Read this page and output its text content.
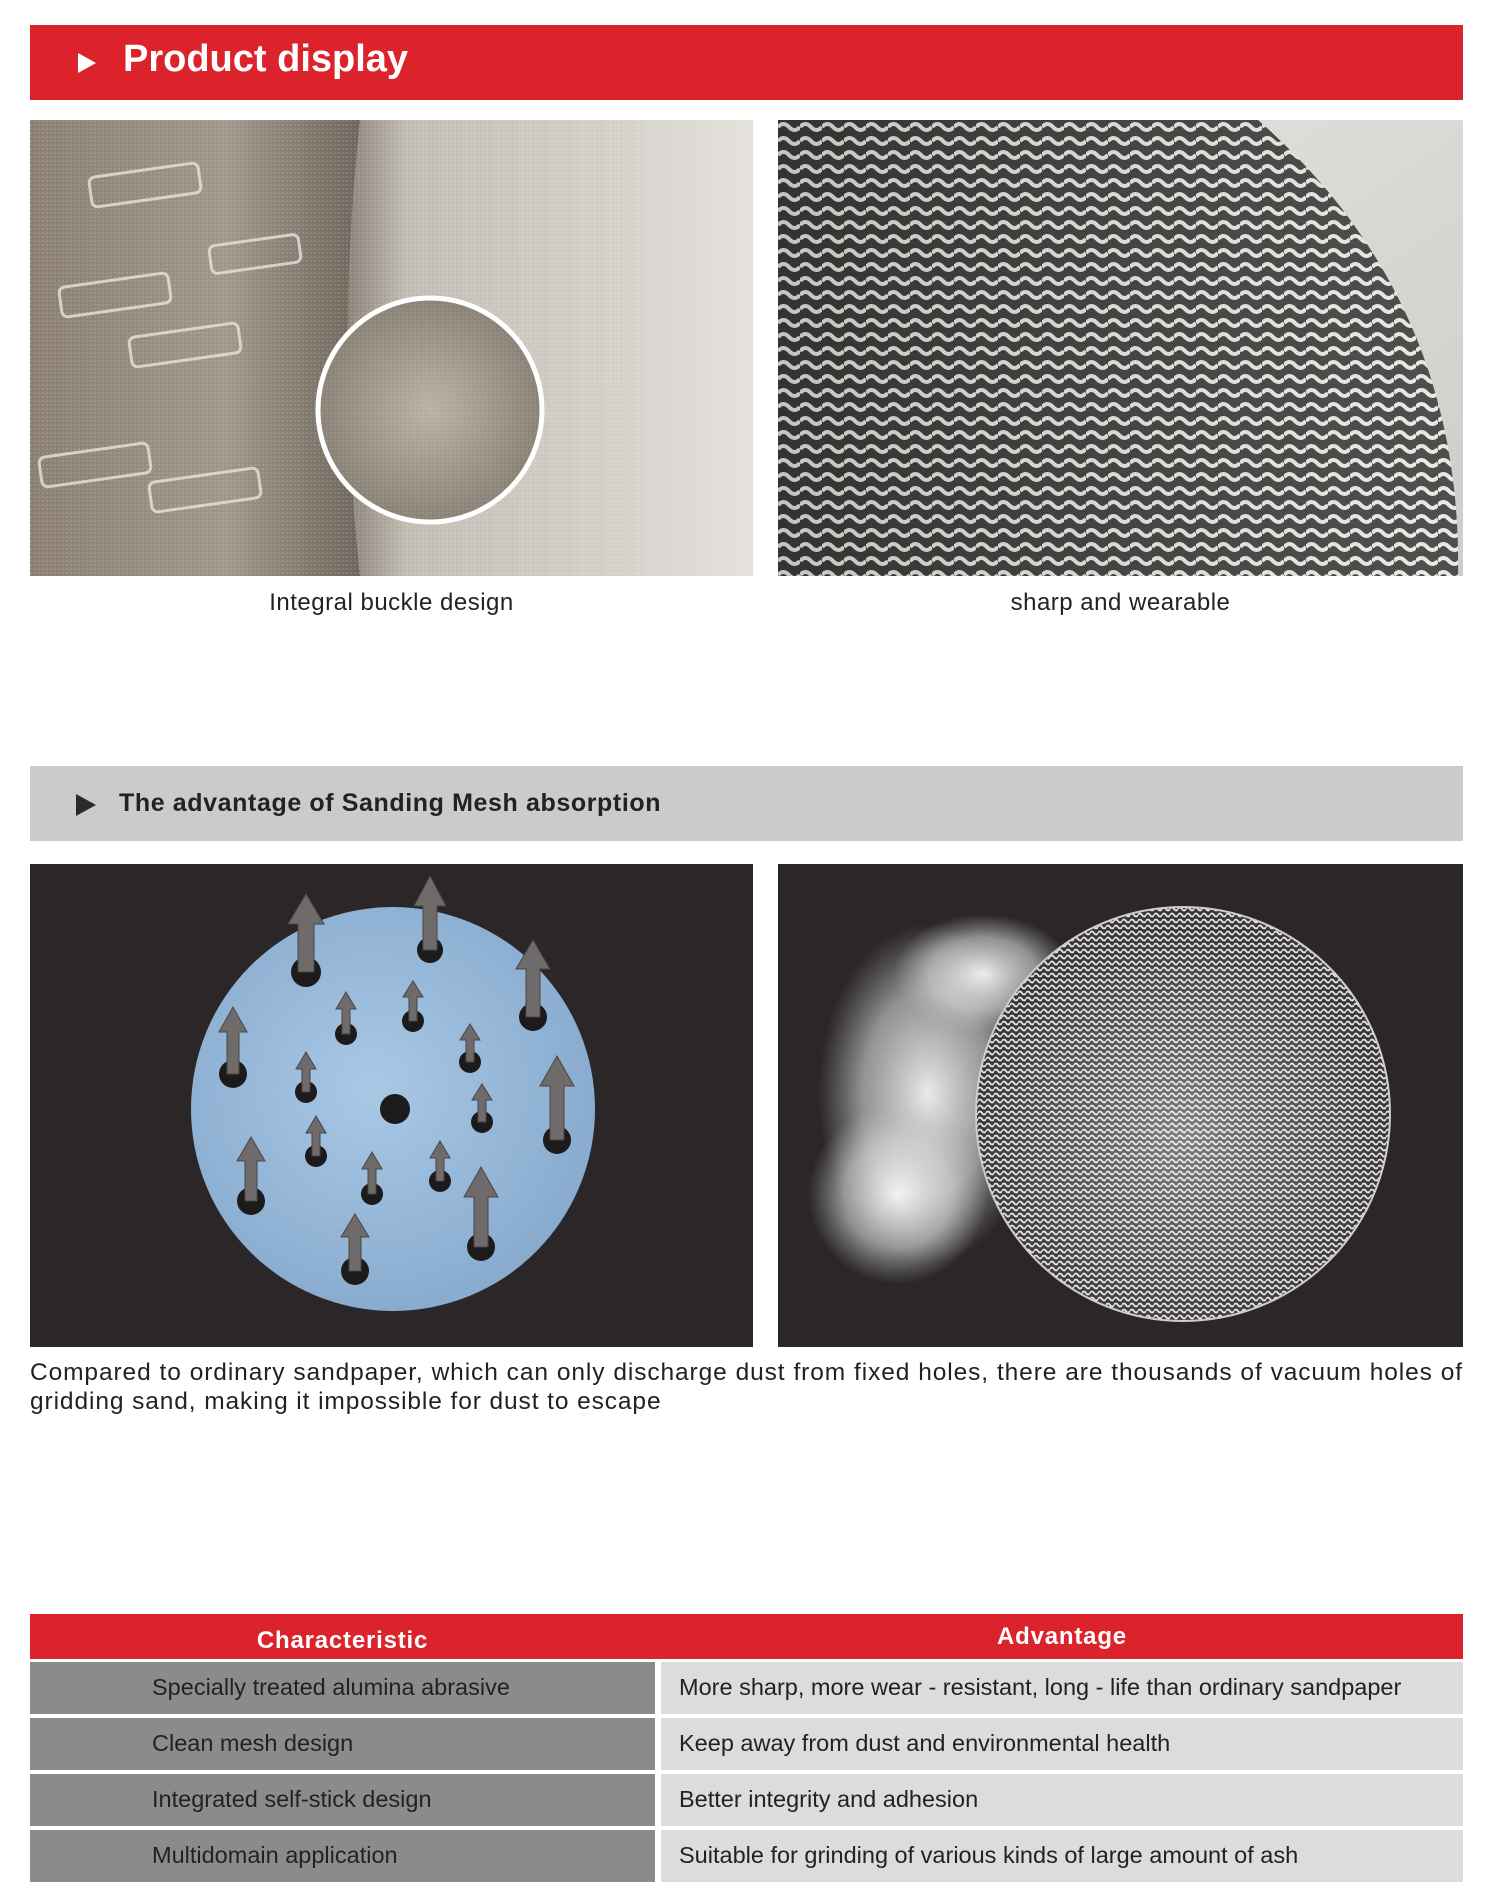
Product display
Integral buckle design	sharp and wearable
The advantage of Sanding Mesh absorption
Compared to ordinary sandpaper, which can only discharge dust from fixed holes, there are thousands of vacuum holes of gridding sand, making it impossible for dust to escape
Characteristic	Advantage
Specially treated alumina abrasive	More sharp, more wear - resistant, long - life than ordinary sandpaper
Clean mesh design	Keep away from dust and environmental health
Integrated self-stick design	Better integrity and adhesion
Multidomain application	Suitable for grinding of various kinds of large amount of ash
